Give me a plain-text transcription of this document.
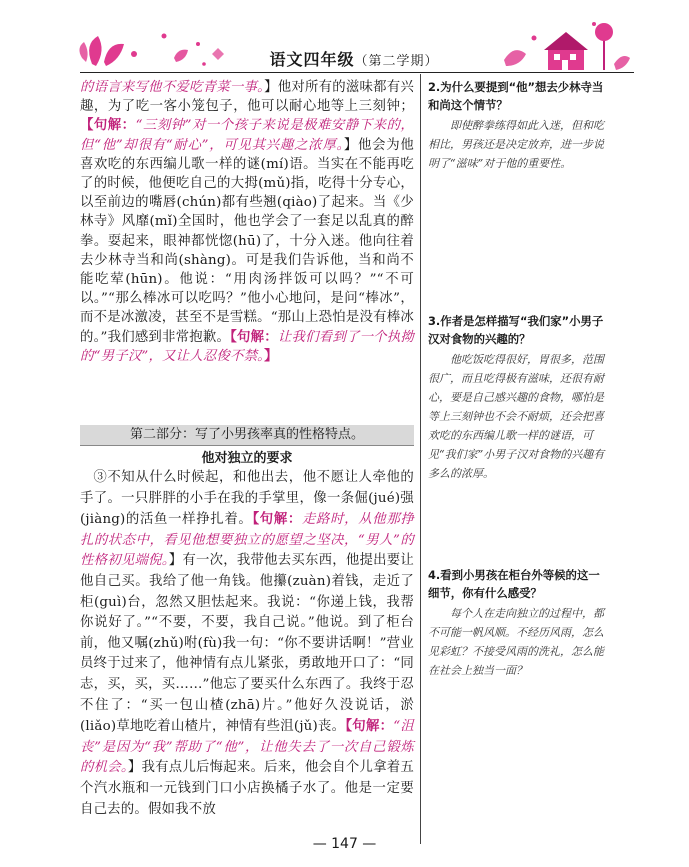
语文四年级（第二学期）

的语言来写他不爱吃青菜一事。】他对所有的滋味都有兴趣，为了吃一客小笼包子，他可以耐心地等上三刻钟；【句解：“三刻钟”对一个孩子来说是极难安静下来的，但“他”却很有“耐心”，可见其兴趣之浓厚。】他会为他喜欢吃的东西编儿歌一样的谜(mí)语。当实在不能再吃了的时候，他便吃自己的大拇(mǔ)指，吃得十分专心，以至前边的嘴唇(chún)都有些翘(qiào)了起来。当《少林寺》风靡(mǐ)全国时，他也学会了一套足以乱真的醉拳。耍起来，眼神都恍惚(hū)了，十分入迷。他向往着去少林寺当和尚(shàng)。可是我们告诉他，当和尚不能吃荤(hūn)。他说：“用肉汤拌饭可以吗？”“不可以。”“那么棒冰可以吃吗？”他小心地问，是问“棒冰”，而不是冰激凌，甚至不是雪糕。“那山上恐怕是没有棒冰的。”我们感到非常抱歉。【句解：让我们看到了一个执拗的“男子汉”，又让人忍俊不禁。】

第二部分：写了小男孩率真的性格特点。
他对独立的要求

③不知从什么时候起，和他出去，他不愿让人牵他的手了。一只胖胖的小手在我的手掌里，像一条倔(jué)强(jiàng)的活鱼一样挣扎着。【句解：走路时，从他那挣扎的状态中，看见他想要独立的愿望之坚决，“男人”的性格初见端倪。】有一次，我带他去买东西，他提出要让他自己买。我给了他一角钱。他攥(zuàn)着钱，走近了柜(guì)台，忽然又胆怯起来。我说：“你递上钱，我帮你说好了。”“不要，不要，我自己说。”他说。到了柜台前，他又嘱(zhǔ)咐(fù)我一句：“你不要讲话啊！”营业员终于过来了，他神情有点儿紧张，勇敢地开口了：“同志，买，买，买……”他忘了要买什么东西了。我终于忍不住了：“买一包山楂(zhā)片。”他好久没说话，淤(liǎo)草地吃着山楂片，神情有些沮(jǔ)丧。【句解：“沮丧”是因为“我”帮助了“他”，让他失去了一次自己锻炼的机会。】我有点儿后悔起来。后来，他会自个儿拿着五个汽水瓶和一元钱到门口小店换橘子水了。他是一定要自己去的。假如我不放

2.为什么要提到“他”想去少林寺当和尚这个情节？
即使醉拳练得如此入迷，但和吃相比，男孩还是决定放弃，进一步说明了“滋味”对于他的重要性。
3.作者是怎样描写“我们家”小男子汉对食物的兴趣的？
他吃饭吃得很好，胃很多，范围很广，而且吃得极有滋味，还很有耐心，要是自己感兴趣的食物，哪怕是等上三刻钟也不会不耐烦，还会把喜欢吃的东西编儿歌一样的谜语，可见“我们家”小男子汉对食物的兴趣有多么的浓厚。
4.看到小男孩在柜台外等候的这一细节，你有什么感受？
每个人在走向独立的过程中，都不可能一帆风顺。不经历风雨，怎么见彩虹？不接受风雨的洗礼，怎么能在社会上独当一面？
— 147 —
